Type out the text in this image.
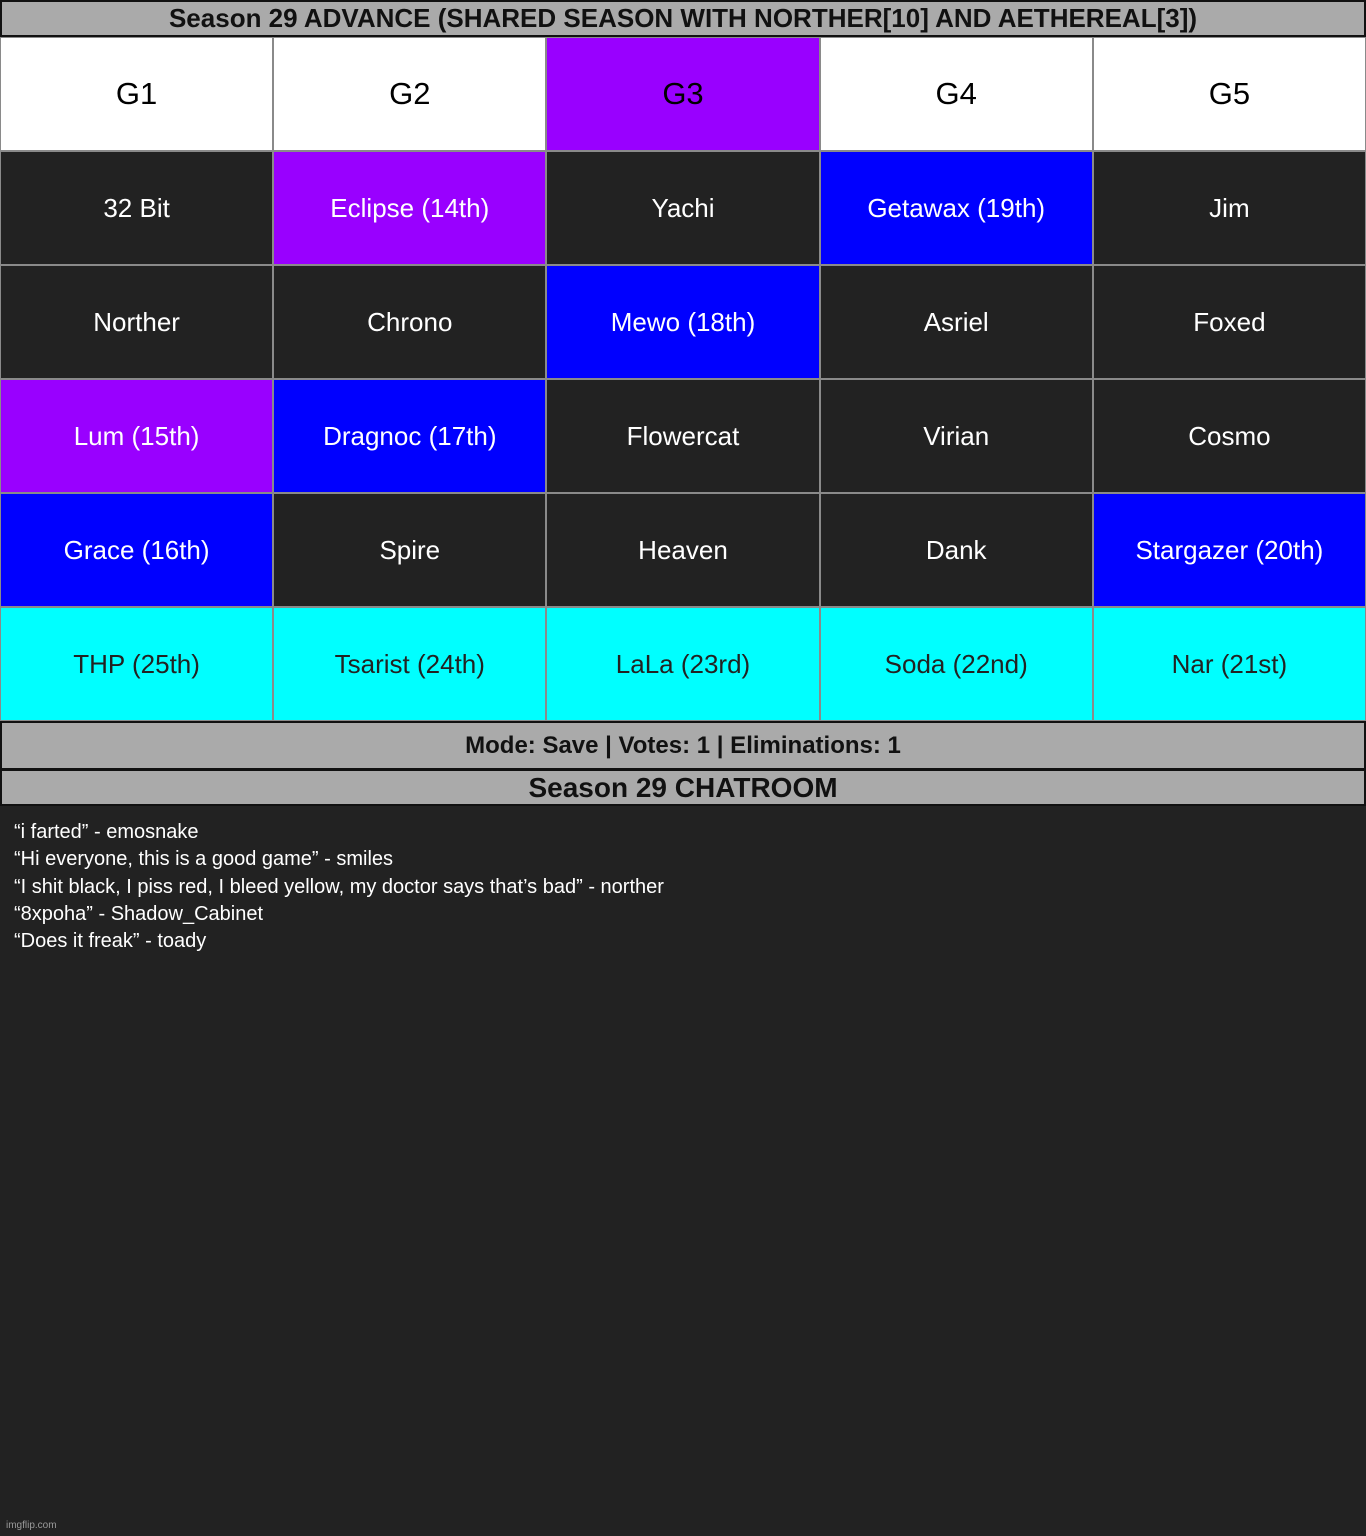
Season 29 ADVANCE (SHARED SEASON WITH NORTHER[10] AND AETHEREAL[3])
G1	G2	G3	G4	G5
32 Bit	Eclipse (14th)	Yachi	Getawax (19th)	Jim
Norther	Chrono	Mewo (18th)	Asriel	Foxed
Lum (15th)	Dragnoc (17th)	Flowercat	Virian	Cosmo
Grace (16th)	Spire	Heaven	Dank	Stargazer (20th)
THP (25th)	Tsarist (24th)	LaLa (23rd)	Soda (22nd)	Nar (21st)
Mode: Save | Votes: 1 | Eliminations: 1
Season 29 CHATROOM
“i farted” - emosnake
“Hi everyone, this is a good game” - smiles
“I shit black, I piss red, I bleed yellow, my doctor says that’s bad” - norther
“8xpoha” - Shadow_Cabinet
“Does it freak” - toady
imgflip.com
